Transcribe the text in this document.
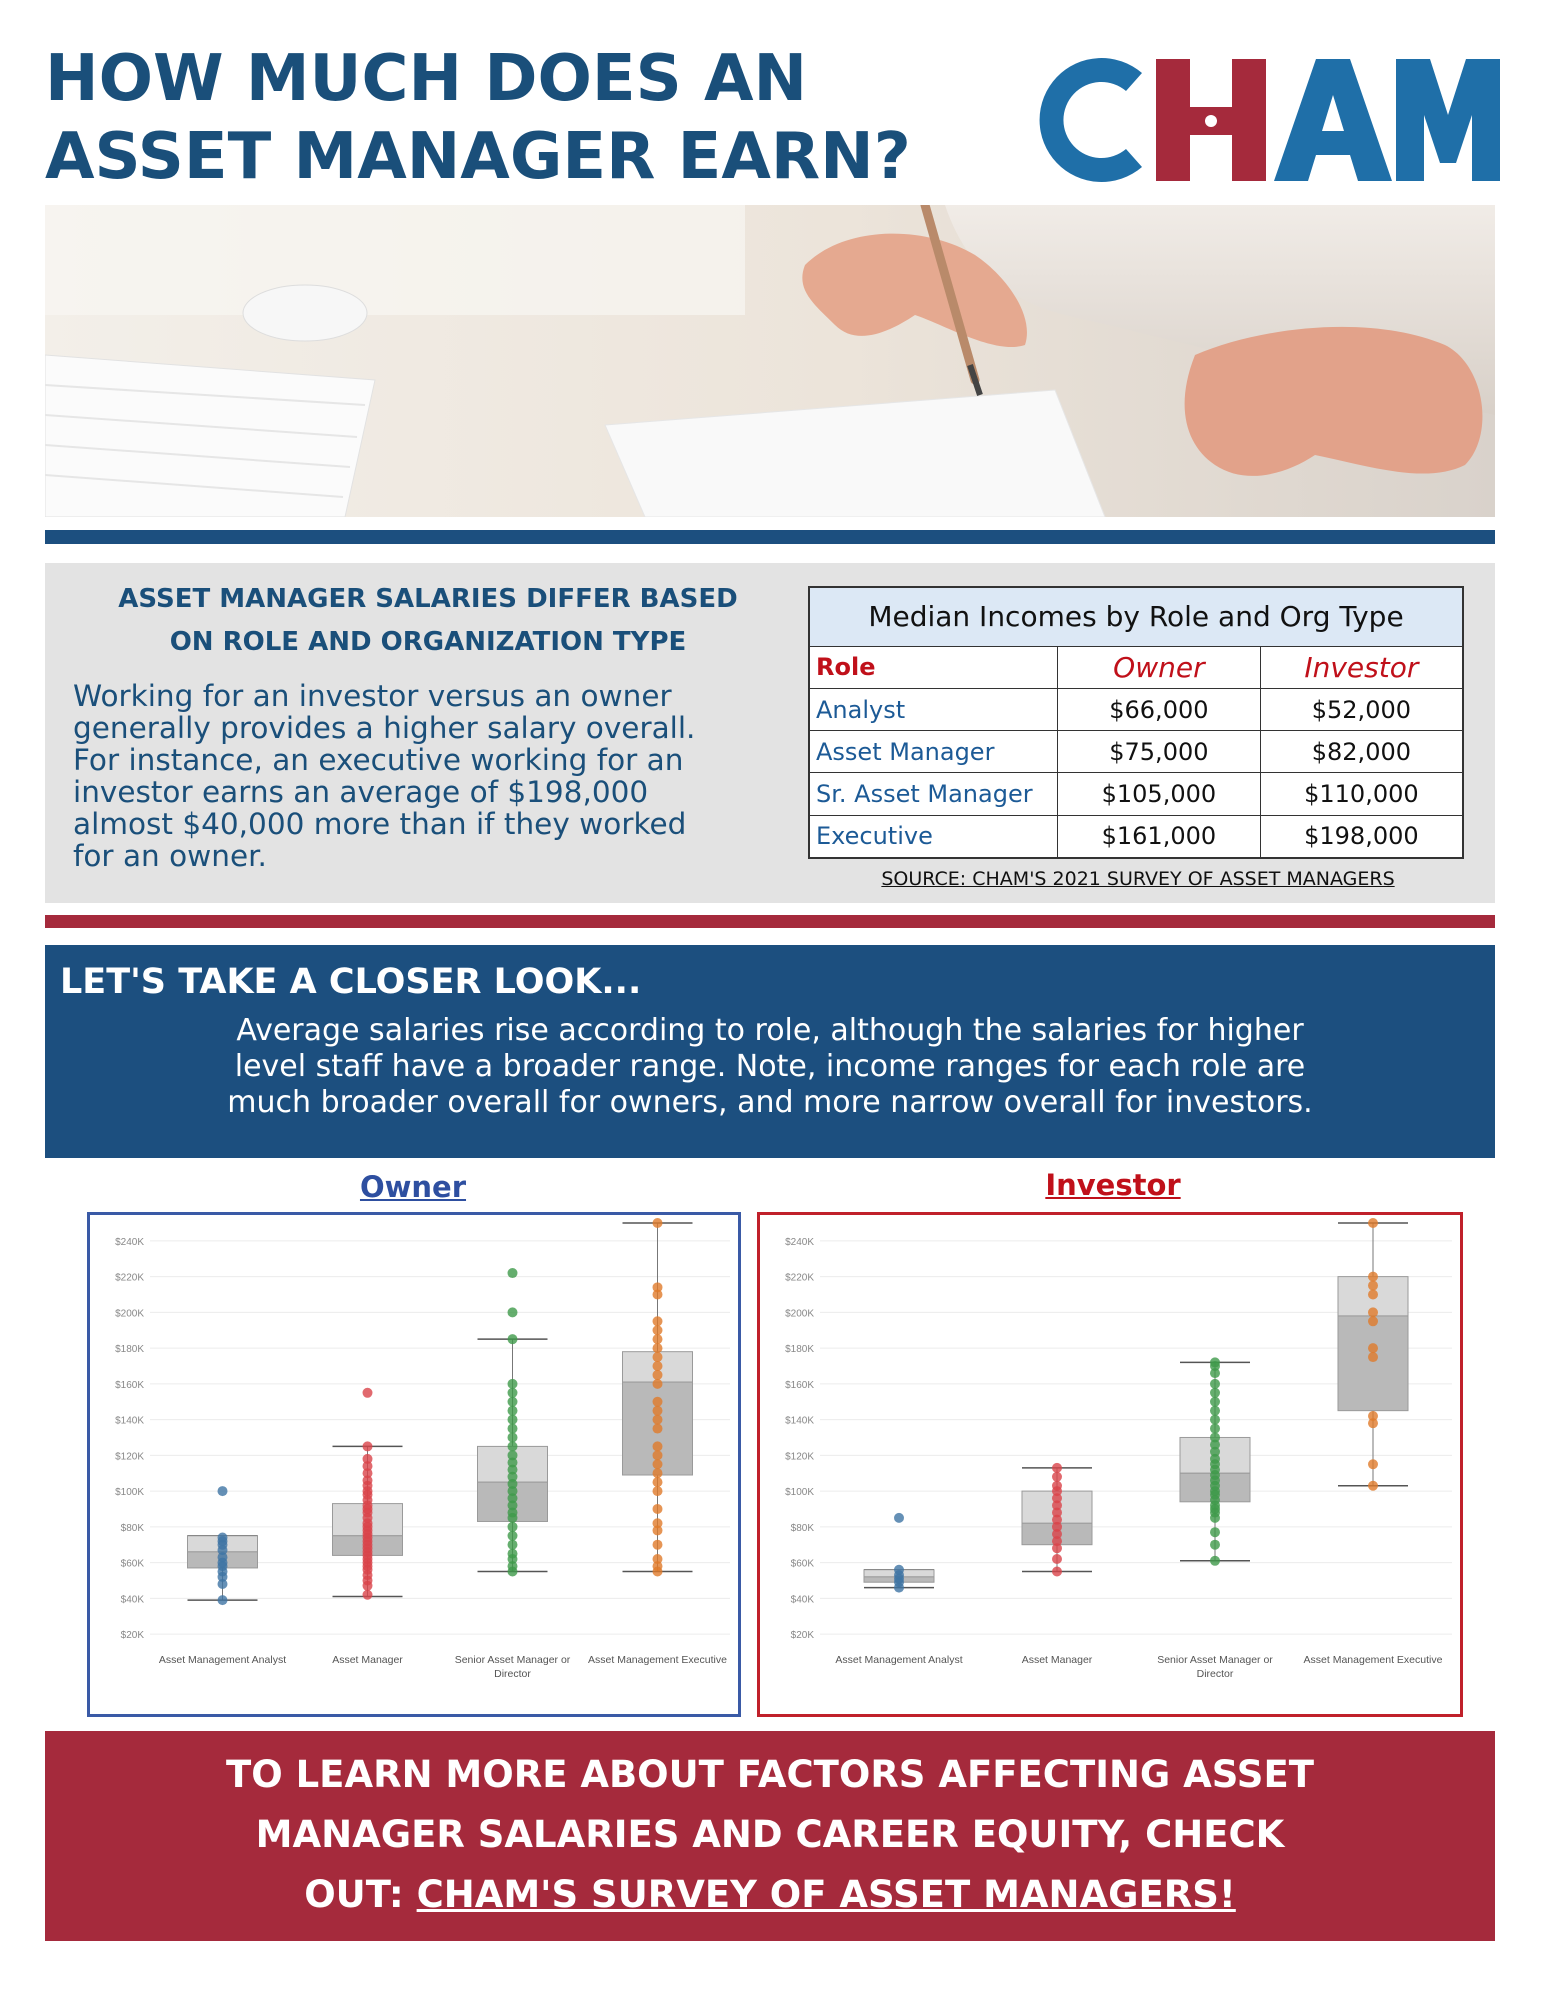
HOW MUCH DOES AN
ASSET MANAGER EARN?
ASSET MANAGER SALARIES DIFFER BASED
ON ROLE AND ORGANIZATION TYPE
Working for an investor versus an owner
generally provides a higher salary overall.
For instance, an executive working for an
investor earns an average of $198,000
almost $40,000 more than if they worked
for an owner.
Median Incomes by Role and Org Type		
Role	Owner	Investor
Analyst	$66,000	$52,000
Asset Manager	$75,000	$82,000
Sr. Asset Manager	$105,000	$110,000
Executive	$161,000	$198,000
SOURCE: CHAM'S 2021 SURVEY OF ASSET MANAGERS
LET'S TAKE A CLOSER LOOK...
Average salaries rise according to role, although the salaries for higher
level staff have a broader range. Note, income ranges for each role are
much broader overall for owners, and more narrow overall for investors.
Owner	Investor
$20K
$40K
$60K
$80K
$100K
$120K
$140K
$160K
$180K
$200K
$220K
$240K
Asset Management Analyst	Asset Manager	Senior Asset Manager or
Director
Asset Management Executive
$20K
$40K
$60K
$80K
$100K
$120K
$140K
$160K
$180K
$200K
$220K
$240K
Asset Management Analyst	Asset Manager	Senior Asset Manager or
Director
Asset Management Executive
TO LEARN MORE ABOUT FACTORS AFFECTING ASSET
MANAGER SALARIES AND CAREER EQUITY, CHECK
OUT: CHAM'S SURVEY OF ASSET MANAGERS!
